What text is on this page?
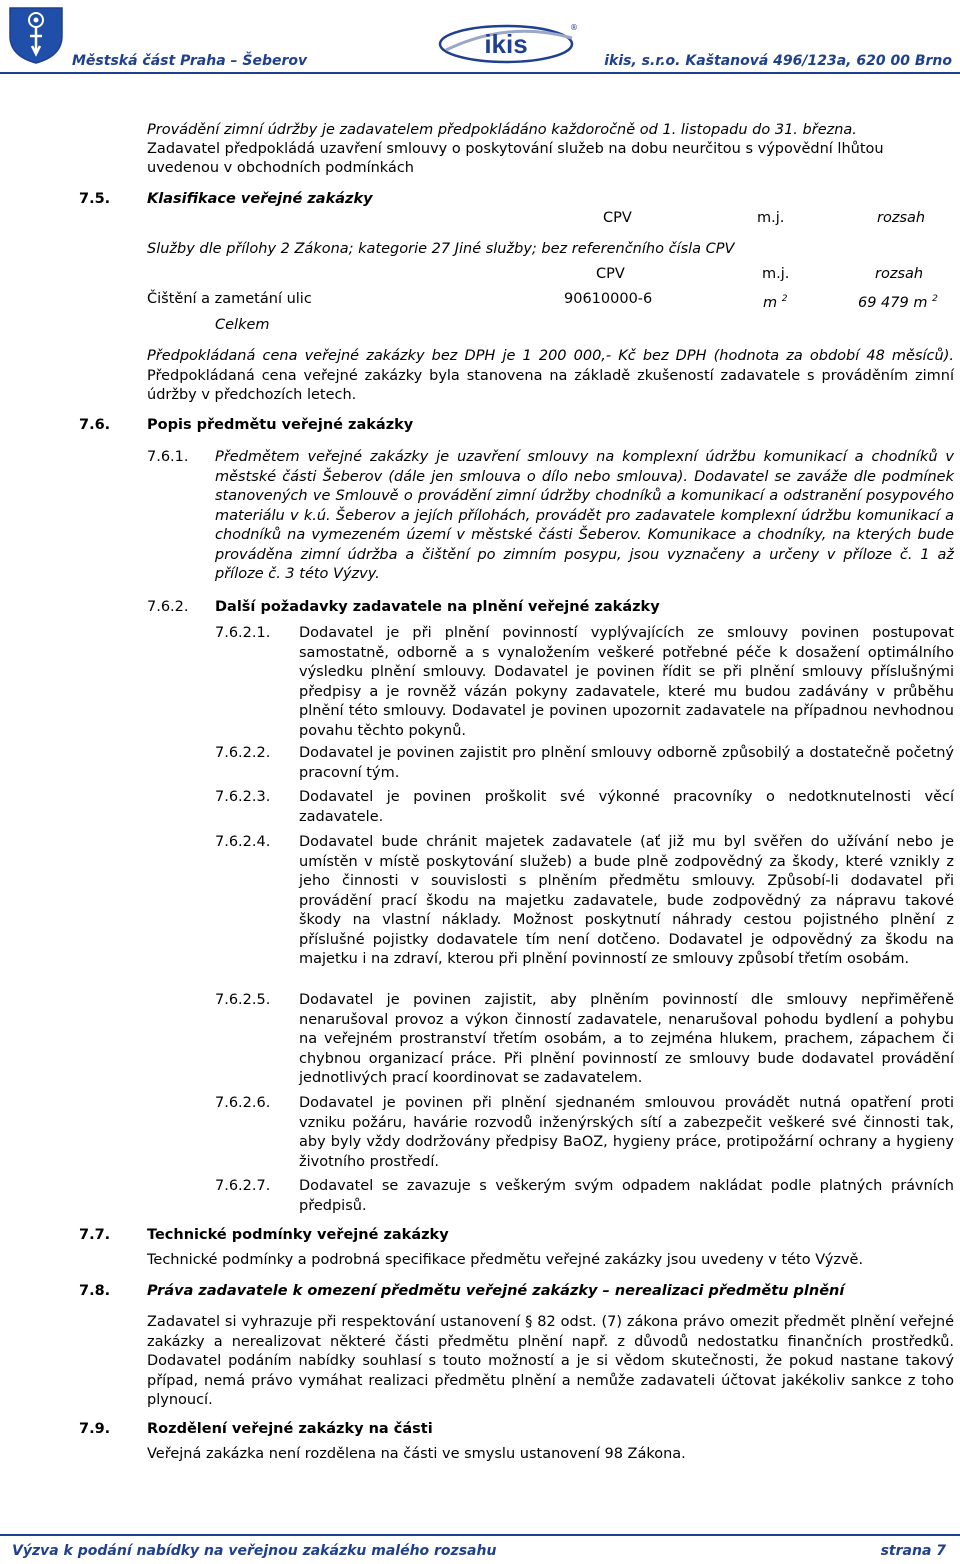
Městská část Praha – Šeberov
ikis
®
ikis, s.r.o. Kaštanová 496/123a, 620 00 Brno
Provádění zimní údržby je zadavatelem předpokládáno každoročně od 1. listopadu do 31. března.
Zadavatel předpokládá uzavření smlouvy o poskytování služeb na dobu neurčitou s výpovědní lhůtou
uvedenou v obchodních podmínkách
7.5.	Klasifikace veřejné zakázky
CPV	m.j.	rozsah
Služby dle přílohy 2 Zákona; kategorie 27 Jiné služby; bez referenčního čísla CPV
CPV	m.j.	rozsah
Čištění a zametání ulic	90610000-6	m $^2$	69 479 m $^2$
Celkem
Předpokládaná cena veřejné zakázky bez DPH je 1 200 000,- Kč bez DPH (hodnota za období 48 měsíců). Předpokládaná cena veřejné zakázky byla stanovena na základě zkušeností zadavatele s prováděním zimní údržby v předchozích letech.
7.6.	Popis předmětu veřejné zakázky
7.6.1. Předmětem veřejné zakázky je uzavření smlouvy na komplexní údržbu komunikací a chodníků v městské části Šeberov (dále jen smlouva o dílo nebo smlouva). Dodavatel se zaváže dle podmínek stanovených ve Smlouvě o provádění zimní údržby chodníků a komunikací a odstranění posypového materiálu v k.ú. Šeberov a jejích přílohách, provádět pro zadavatele komplexní údržbu komunikací a chodníků na vymezeném území v městské části Šeberov. Komunikace a chodníky, na kterých bude prováděna zimní údržba a čištění po zimním posypu, jsou vyznačeny a určeny v příloze č. 1 až příloze č. 3 této Výzvy.
7.6.2. Další požadavky zadavatele na plnění veřejné zakázky
7.6.2.1. Dodavatel je při plnění povinností vyplývajících ze smlouvy povinen postupovat samostatně, odborně a s vynaložením veškeré potřebné péče k dosažení optimálního výsledku plnění smlouvy. Dodavatel je povinen řídit se při plnění smlouvy příslušnými předpisy a je rovněž vázán pokyny zadavatele, které mu budou zadávány v průběhu plnění této smlouvy. Dodavatel je povinen upozornit zadavatele na případnou nevhodnou povahu těchto pokynů.
7.6.2.2. Dodavatel je povinen zajistit pro plnění smlouvy odborně způsobilý a dostatečně početný pracovní tým.
7.6.2.3. Dodavatel je povinen proškolit své výkonné pracovníky o nedotknutelnosti věcí zadavatele.
7.6.2.4. Dodavatel bude chránit majetek zadavatele (ať již mu byl svěřen do užívání nebo je umístěn v místě poskytování služeb) a bude plně zodpovědný za škody, které vznikly z jeho činnosti v souvislosti s plněním předmětu smlouvy. Způsobí-li dodavatel při provádění prací škodu na majetku zadavatele, bude zodpovědný za nápravu takové škody na vlastní náklady. Možnost poskytnutí náhrady cestou pojistného plnění z příslušné pojistky dodavatele tím není dotčeno. Dodavatel je odpovědný za škodu na majetku i na zdraví, kterou při plnění povinností ze smlouvy způsobí třetím osobám.
7.6.2.5. Dodavatel je povinen zajistit, aby plněním povinností dle smlouvy nepřiměřeně nenarušoval provoz a výkon činností zadavatele, nenarušoval pohodu bydlení a pohybu na veřejném prostranství třetím osobám, a to zejména hlukem, prachem, zápachem či chybnou organizací práce. Při plnění povinností ze smlouvy bude dodavatel provádění jednotlivých prací koordinovat se zadavatelem.
7.6.2.6. Dodavatel je povinen při plnění sjednaném smlouvou provádět nutná opatření proti vzniku požáru, havárie rozvodů inženýrských sítí a zabezpečit veškeré své činnosti tak, aby byly vždy dodržovány předpisy BaOZ, hygieny práce, protipožární ochrany a hygieny životního prostředí.
7.6.2.7. Dodavatel se zavazuje s veškerým svým odpadem nakládat podle platných právních předpisů.
7.7.	Technické podmínky veřejné zakázky
Technické podmínky a podrobná specifikace předmětu veřejné zakázky jsou uvedeny v této Výzvě.
7.8.	Práva zadavatele k omezení předmětu veřejné zakázky – nerealizaci předmětu plnění
Zadavatel si vyhrazuje při respektování ustanovení § 82 odst. (7) zákona právo omezit předmět plnění veřejné zakázky a nerealizovat některé části předmětu plnění např. z důvodů nedostatku finančních prostředků. Dodavatel podáním nabídky souhlasí s touto možností a je si vědom skutečnosti, že pokud nastane takový případ, nemá právo vymáhat realizaci předmětu plnění a nemůže zadavateli účtovat jakékoliv sankce z toho plynoucí.
7.9.	Rozdělení veřejné zakázky na části
Veřejná zakázka není rozdělena na části ve smyslu ustanovení 98 Zákona.
Výzva k podání nabídky na veřejnou zakázku malého rozsahu	strana 7
